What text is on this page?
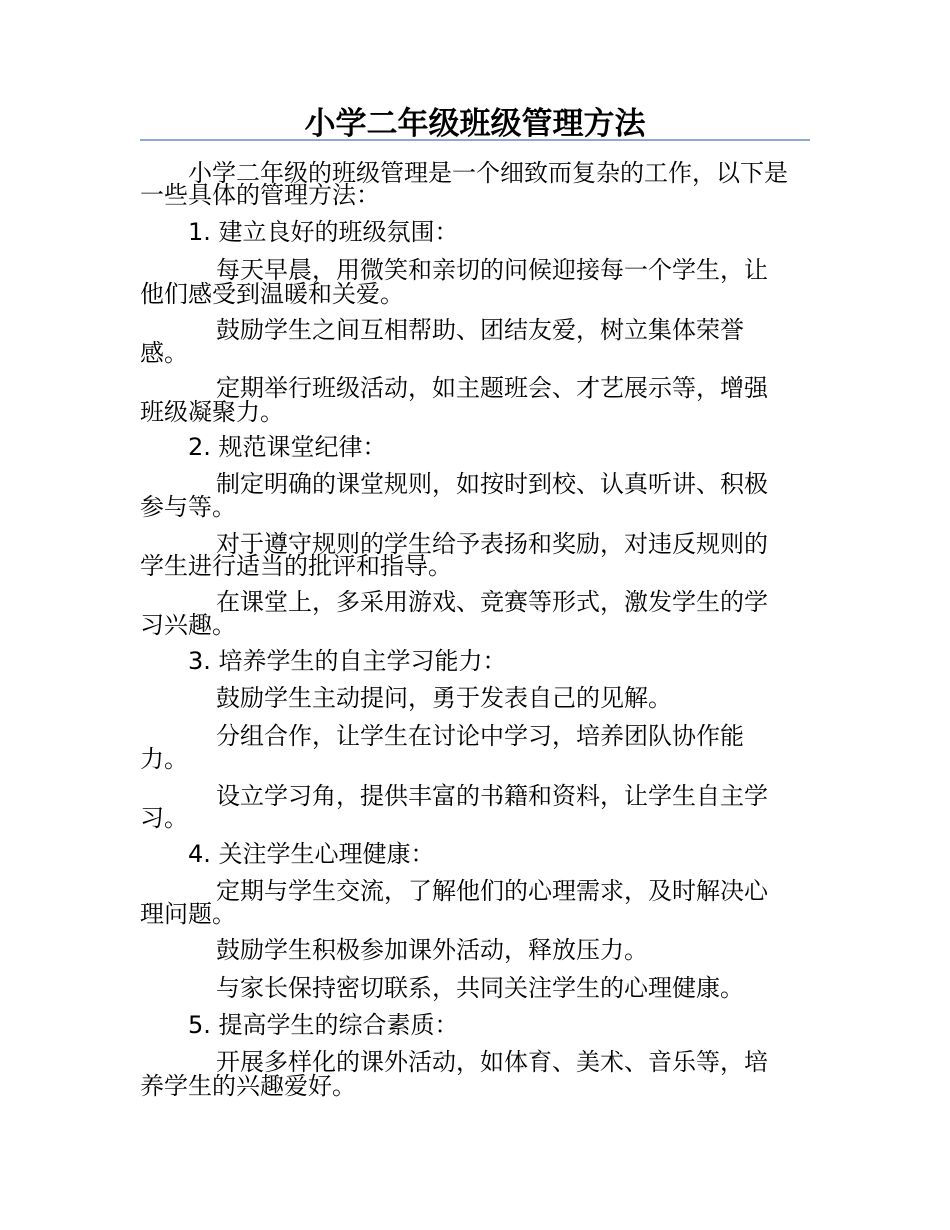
小学二年级班级管理方法
小学二年级的班级管理是一个细致而复杂的工作，以下是
一些具体的管理方法：
1. 建立良好的班级氛围：
每天早晨，用微笑和亲切的问候迎接每一个学生，让
他们感受到温暖和关爱。
鼓励学生之间互相帮助、团结友爱，树立集体荣誉
感。
定期举行班级活动，如主题班会、才艺展示等，增强
班级凝聚力。
2. 规范课堂纪律：
制定明确的课堂规则，如按时到校、认真听讲、积极
参与等。
对于遵守规则的学生给予表扬和奖励，对违反规则的
学生进行适当的批评和指导。
在课堂上，多采用游戏、竞赛等形式，激发学生的学
习兴趣。
3. 培养学生的自主学习能力：
鼓励学生主动提问，勇于发表自己的见解。
分组合作，让学生在讨论中学习，培养团队协作能
力。
设立学习角，提供丰富的书籍和资料，让学生自主学
习。
4. 关注学生心理健康：
定期与学生交流，了解他们的心理需求，及时解决心
理问题。
鼓励学生积极参加课外活动，释放压力。
与家长保持密切联系，共同关注学生的心理健康。
5. 提高学生的综合素质：
开展多样化的课外活动，如体育、美术、音乐等，培
养学生的兴趣爱好。
